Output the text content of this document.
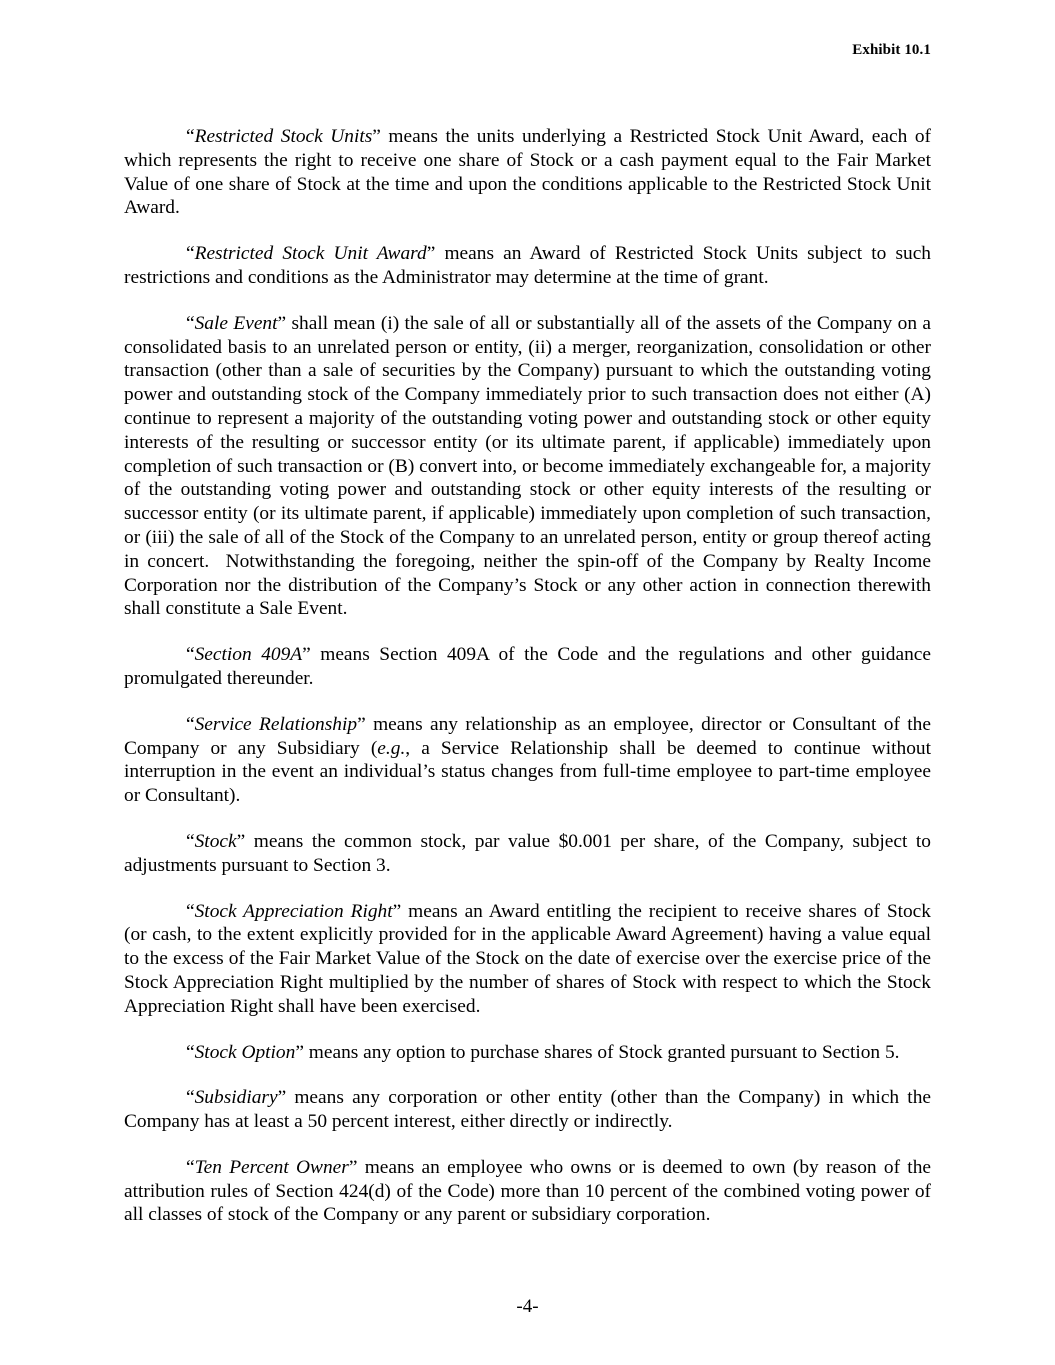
Exhibit 10.1

“Restricted Stock Units” means the units underlying a Restricted Stock Unit Award, each of which represents the right to receive one share of Stock or a cash payment equal to the Fair Market Value of one share of Stock at the time and upon the conditions applicable to the Restricted Stock Unit Award.

“Restricted Stock Unit Award” means an Award of Restricted Stock Units subject to such restrictions and conditions as the Administrator may determine at the time of grant.

“Sale Event” shall mean (i) the sale of all or substantially all of the assets of the Company on a consolidated basis to an unrelated person or entity, (ii) a merger, reorganization, consolidation or other transaction (other than a sale of securities by the Company) pursuant to which the outstanding voting power and outstanding stock of the Company immediately prior to such transaction does not either (A) continue to represent a majority of the outstanding voting power and outstanding stock or other equity interests of the resulting or successor entity (or its ultimate parent, if applicable) immediately upon completion of such transaction or (B) convert into, or become immediately exchangeable for, a majority of the outstanding voting power and outstanding stock or other equity interests of the resulting or successor entity (or its ultimate parent, if applicable) immediately upon completion of such transaction, or (iii) the sale of all of the Stock of the Company to an unrelated person, entity or group thereof acting in concert.  Notwithstanding the foregoing, neither the spin-off of the Company by Realty Income Corporation nor the distribution of the Company’s Stock or any other action in connection therewith shall constitute a Sale Event.

“Section 409A” means Section 409A of the Code and the regulations and other guidance promulgated thereunder.

“Service Relationship” means any relationship as an employee, director or Consultant of the Company or any Subsidiary (e.g., a Service Relationship shall be deemed to continue without interruption in the event an individual’s status changes from full-time employee to part-time employee or Consultant).

“Stock” means the common stock, par value $0.001 per share, of the Company, subject to adjustments pursuant to Section 3.

“Stock Appreciation Right” means an Award entitling the recipient to receive shares of Stock (or cash, to the extent explicitly provided for in the applicable Award Agreement) having a value equal to the excess of the Fair Market Value of the Stock on the date of exercise over the exercise price of the Stock Appreciation Right multiplied by the number of shares of Stock with respect to which the Stock Appreciation Right shall have been exercised.

“Stock Option” means any option to purchase shares of Stock granted pursuant to Section 5.

“Subsidiary” means any corporation or other entity (other than the Company) in which the Company has at least a 50 percent interest, either directly or indirectly.

“Ten Percent Owner” means an employee who owns or is deemed to own (by reason of the attribution rules of Section 424(d) of the Code) more than 10 percent of the combined voting power of all classes of stock of the Company or any parent or subsidiary corporation.

-4-
